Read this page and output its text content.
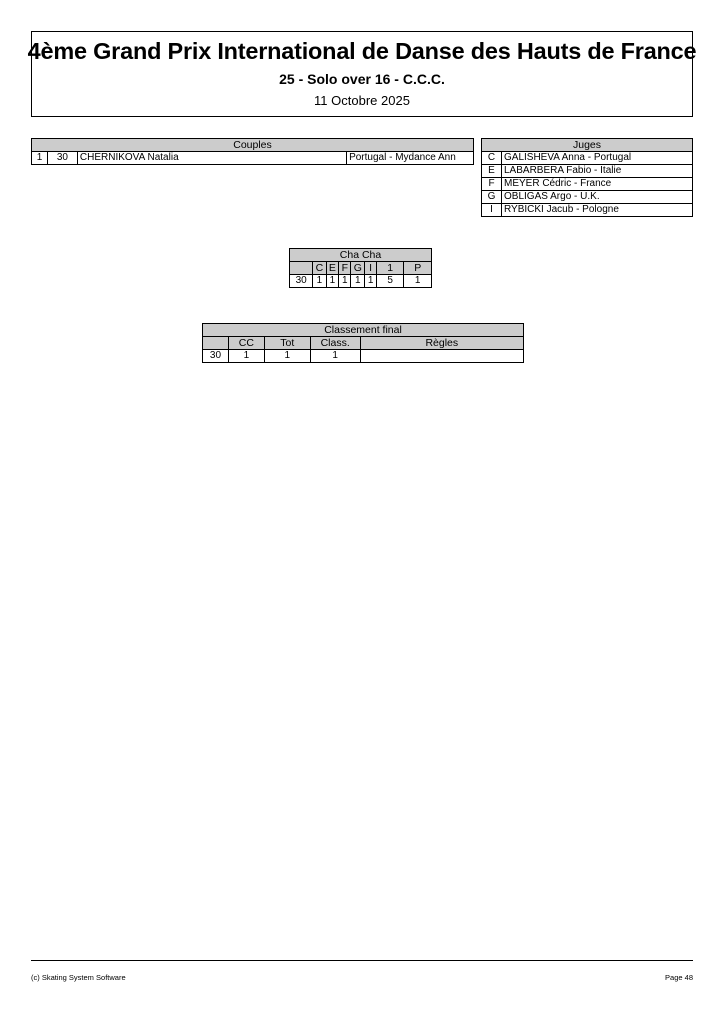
4ème Grand Prix International de Danse des Hauts de France
25 - Solo over 16 - C.C.C.
11 Octobre 2025
Couples
1	30	CHERNIKOVA Natalia	Portugal - Mydance Ann
Juges	
C	GALISHEVA Anna - Portugal
E	LABARBERA Fabio - Italie
F	MEYER Cédric - France
G	OBLIGAS Argo - U.K.
I	RYBICKI Jacub - Pologne
Cha Cha							
	C	E	F	G	I	1	P
30	1	1	1	1	1	5	1
Classement final				
	CC	Tot	Class.	Règles
30	1	1	1	
(c) Skating System Software	Page 48
